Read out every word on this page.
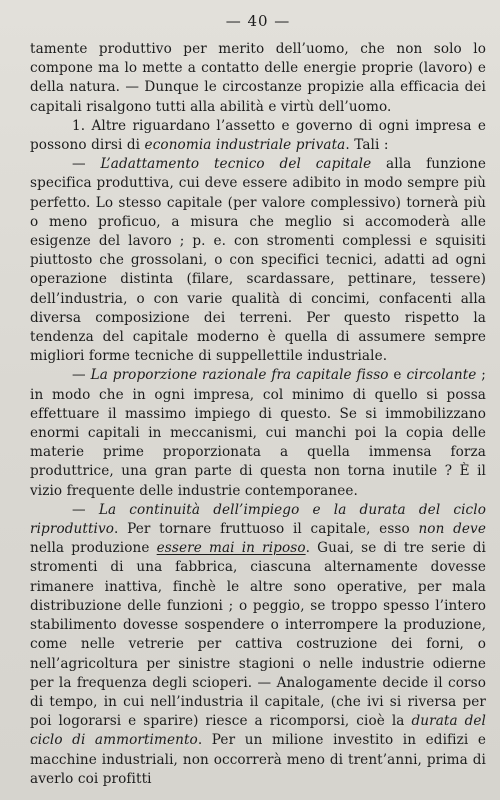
— 40 —

tamente produttivo per merito dell’uomo, che non solo lo compone ma lo mette a contatto delle energie proprie (lavoro) e della natura. — Dunque le circostanze propizie alla efficacia dei capitali risalgono tutti alla abilità e virtù dell’uomo.

1. Altre riguardano l’assetto e governo di ogni impresa e possono dirsi di economia industriale privata. Tali :

— L’adattamento tecnico del capitale alla funzione specifica produttiva, cui deve essere adibito in modo sempre più perfetto. Lo stesso capitale (per valore complessivo) tornerà più o meno proficuo, a misura che meglio si accomoderà alle esigenze del lavoro ; p. e. con stromenti complessi e squisiti piuttosto che grossolani, o con specifici tecnici, adatti ad ogni operazione distinta (filare, scardassare, pettinare, tessere) dell’industria, o con varie qualità di concimi, confacenti alla diversa composizione dei terreni. Per questo rispetto la tendenza del capitale moderno è quella di assumere sempre migliori forme tecniche di suppellettile industriale.

— La proporzione razionale fra capitale fisso e circolante ; in modo che in ogni impresa, col minimo di quello si possa effettuare il massimo impiego di questo. Se si immobilizzano enormi capitali in meccanismi, cui manchi poi la copia delle materie prime proporzionata a quella immensa forza produttrice, una gran parte di questa non torna inutile ? È il vizio frequente delle industrie contemporanee.

— La continuità dell’impiego e la durata del ciclo riproduttivo. Per tornare fruttuoso il capitale, esso non deve nella produzione essere mai in riposo. Guai, se di tre serie di stromenti di una fabbrica, ciascuna alternamente dovesse rimanere inattiva, finchè le altre sono operative, per mala distribuzione delle funzioni ; o peggio, se troppo spesso l’intero stabilimento dovesse sospendere o interrompere la produzione, come nelle vetrerie per cattiva costruzione dei forni, o nell’agricoltura per sinistre stagioni o nelle industrie odierne per la frequenza degli scioperi. — Analogamente decide il corso di tempo, in cui nell’industria il capitale, (che ivi si riversa per poi logorarsi e sparire) riesce a ricomporsi, cioè la durata del ciclo di ammortimento. Per un milione investito in edifizi e macchine industriali, non occorrerà meno di trent’anni, prima di averlo coi profitti
